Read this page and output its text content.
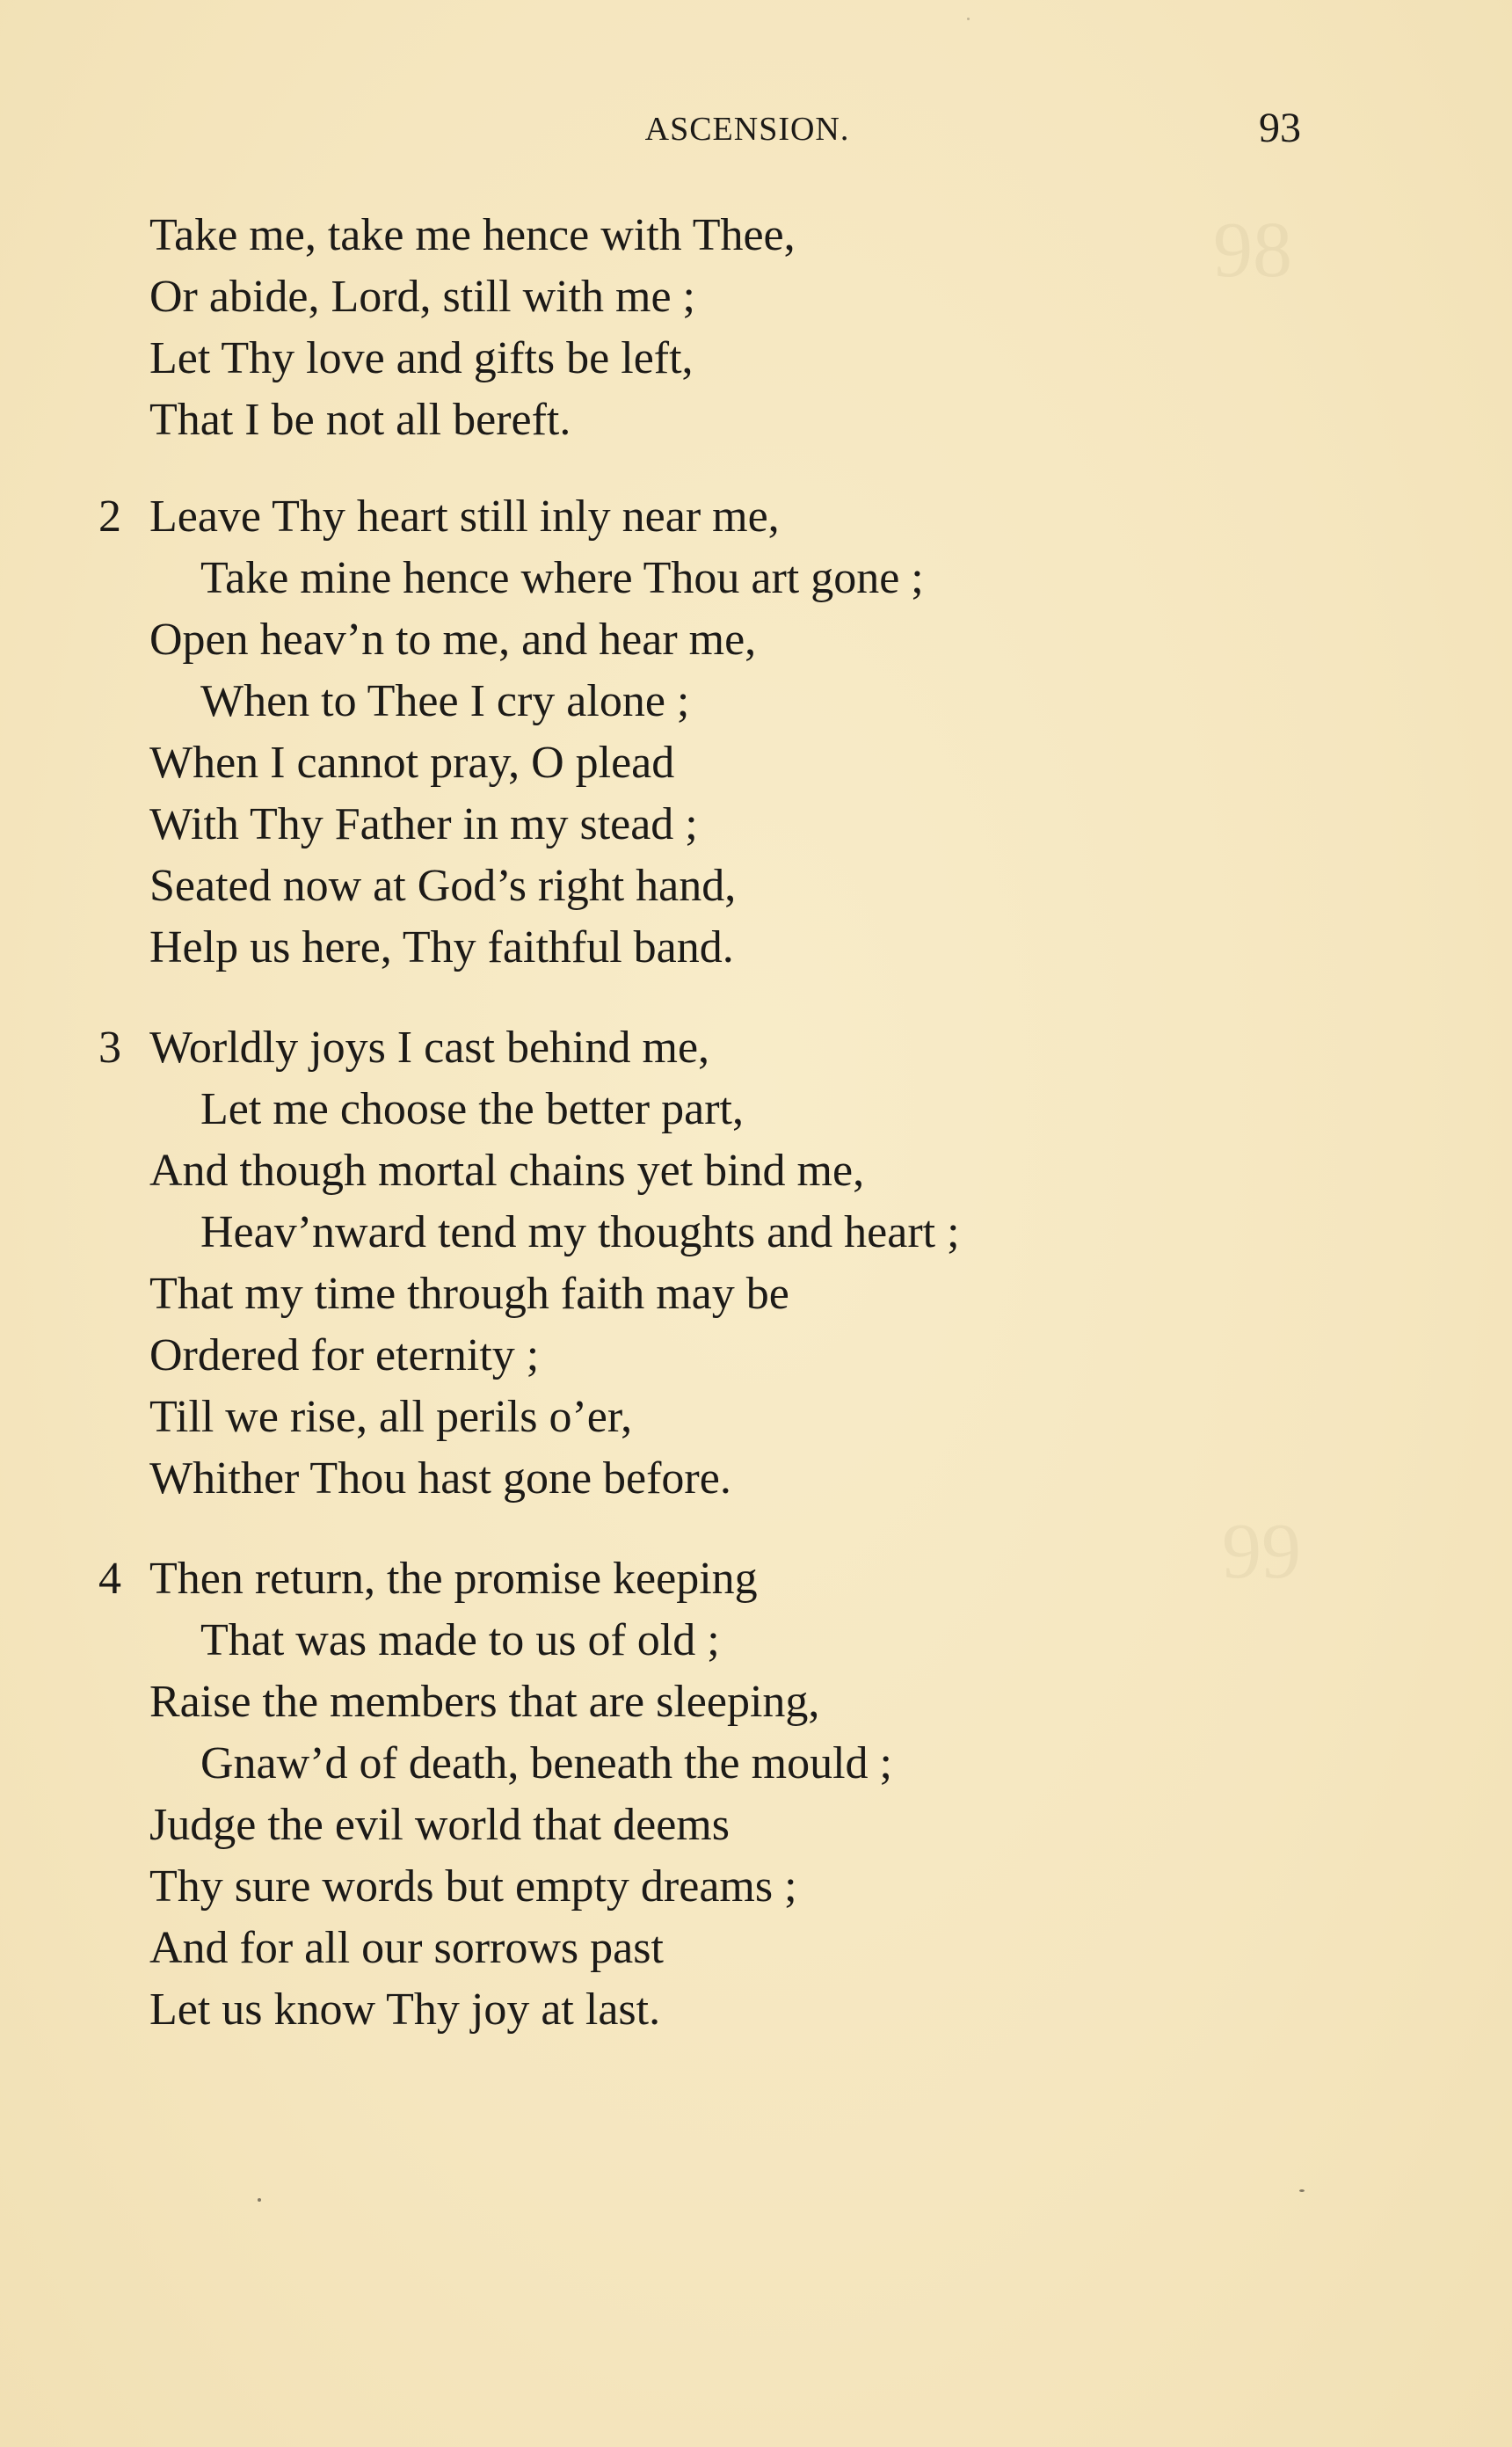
98
99
ASCENSION.	93
Take me, take me hence with Thee,
Or abide, Lord, still with me ;
Let Thy love and gifts be left,
That I be not all bereft.
2 Leave Thy heart still inly near me,
Take mine hence where Thou art gone ;
Open heav’n to me, and hear me,
When to Thee I cry alone ;
When I cannot pray, O plead
With Thy Father in my stead ;
Seated now at God’s right hand,
Help us here, Thy faithful band.
3 Worldly joys I cast behind me,
Let me choose the better part,
And though mortal chains yet bind me,
Heav’nward tend my thoughts and heart ;
That my time through faith may be
Ordered for eternity ;
Till we rise, all perils o’er,
Whither Thou hast gone before.
4 Then return, the promise keeping
That was made to us of old ;
Raise the members that are sleeping,
Gnaw’d of death, beneath the mould ;
Judge the evil world that deems
Thy sure words but empty dreams ;
And for all our sorrows past
Let us know Thy joy at last.
